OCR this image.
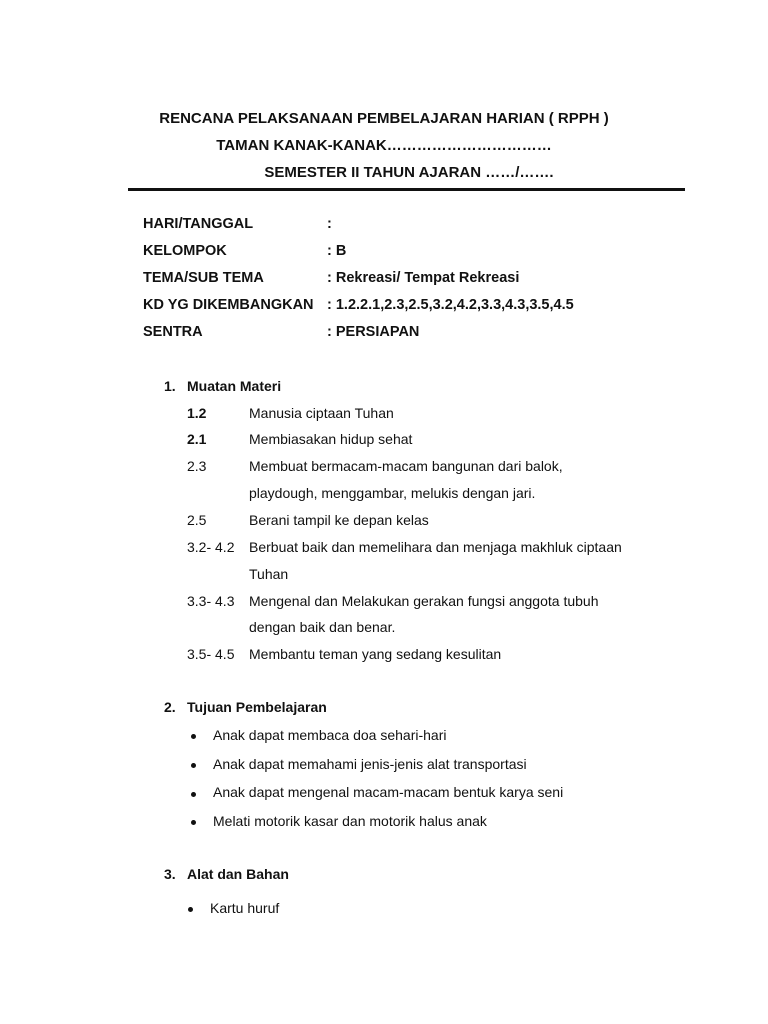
RENCANA PELAKSANAAN PEMBELAJARAN HARIAN ( RPPH )
TAMAN KANAK-KANAK……………………………
SEMESTER II TAHUN AJARAN ……/…….
HARI/TANGGAL	:
KELOMPOK	: B
TEMA/SUB TEMA	: Rekreasi/ Tempat Rekreasi
KD YG DIKEMBANGKAN : 1.2.2.1,2.3,2.5,3.2,4.2,3.3,4.3,3.5,4.5
SENTRA	: PERSIAPAN
1. Muatan Materi
1.2	Manusia ciptaan Tuhan
2.1	Membiasakan hidup sehat
2.3	Membuat bermacam-macam bangunan dari balok,
playdough, menggambar, melukis dengan jari.
2.5	Berani tampil ke depan kelas
3.2- 4.2 Berbuat baik dan memelihara dan menjaga makhluk ciptaan
Tuhan
3.3- 4.3 Mengenal dan Melakukan gerakan fungsi anggota tubuh
dengan baik dan benar.
3.5- 4.5 Membantu teman yang sedang kesulitan
2. Tujuan Pembelajaran
Anak dapat membaca doa sehari-hari
Anak dapat memahami jenis-jenis alat transportasi
Anak dapat mengenal macam-macam bentuk karya seni
Melati motorik kasar dan motorik halus anak
3. Alat dan Bahan
Kartu huruf
